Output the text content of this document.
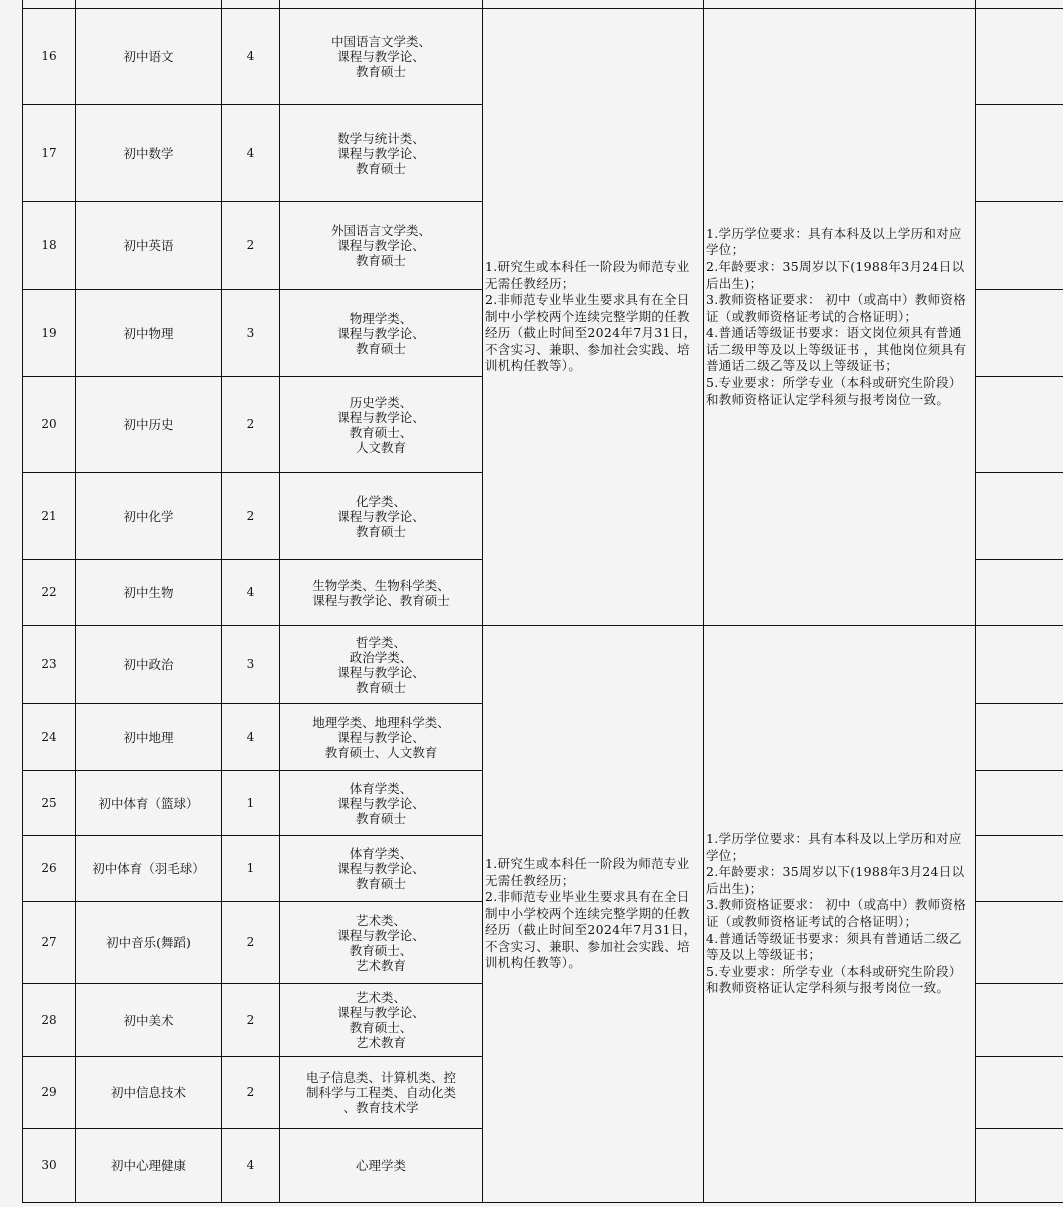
16	初中语文	4	中国语言文学类、
课程与教学论、
教育硕士	1.研究生或本科任一阶段为师范专业无需任教经历；
2.非师范专业毕业生要求具有在全日制中小学校两个连续完整学期的任教经历（截止时间至2024年7月31日，不含实习、兼职、参加社会实践、培训机构任教等）。	1.学历学位要求：具有本科及以上学历和对应学位；
2.年龄要求：35周岁以下(1988年3月24日以后出生)；
3.教师资格证要求： 初中（或高中）教师资格证（或教师资格证考试的合格证明）；
4.普通话等级证书要求：语文岗位须具有普通话二级甲等及以上等级证书 ，其他岗位须具有普通话二级乙等及以上等级证书；
5.专业要求：所学专业（本科或研究生阶段）和教师资格证认定学科须与报考岗位一致。	
17	初中数学	4	数学与统计类、
课程与教学论、
教育硕士			
18	初中英语	2	外国语言文学类、
课程与教学论、
教育硕士			
19	初中物理	3	物理学类、
课程与教学论、
教育硕士			
20	初中历史	2	历史学类、
课程与教学论、
教育硕士、
人文教育			
21	初中化学	2	化学类、
课程与教学论、
教育硕士			
22	初中生物	4	生物学类、生物科学类、
课程与教学论、教育硕士			
23	初中政治	3	哲学类、
政治学类、
课程与教学论、
教育硕士	1.研究生或本科任一阶段为师范专业无需任教经历；
2.非师范专业毕业生要求具有在全日制中小学校两个连续完整学期的任教经历（截止时间至2024年7月31日，不含实习、兼职、参加社会实践、培训机构任教等）。	1.学历学位要求：具有本科及以上学历和对应学位；
2.年龄要求：35周岁以下(1988年3月24日以后出生)；
3.教师资格证要求： 初中（或高中）教师资格证（或教师资格证考试的合格证明）；
4.普通话等级证书要求：须具有普通话二级乙等及以上等级证书；
5.专业要求：所学专业（本科或研究生阶段）和教师资格证认定学科须与报考岗位一致。	
24	初中地理	4	地理学类、地理科学类、
课程与教学论、
教育硕士、人文教育			
25	初中体育（篮球）	1	体育学类、
课程与教学论、
教育硕士			
26	初中体育（羽毛球）	1	体育学类、
课程与教学论、
教育硕士			
27	初中音乐(舞蹈)	2	艺术类、
课程与教学论、
教育硕士、
艺术教育			
28	初中美术	2	艺术类、
课程与教学论、
教育硕士、
艺术教育			
29	初中信息技术	2	电子信息类、计算机类、控
制科学与工程类、自动化类
、教育技术学			
30	初中心理健康	4	心理学类			
